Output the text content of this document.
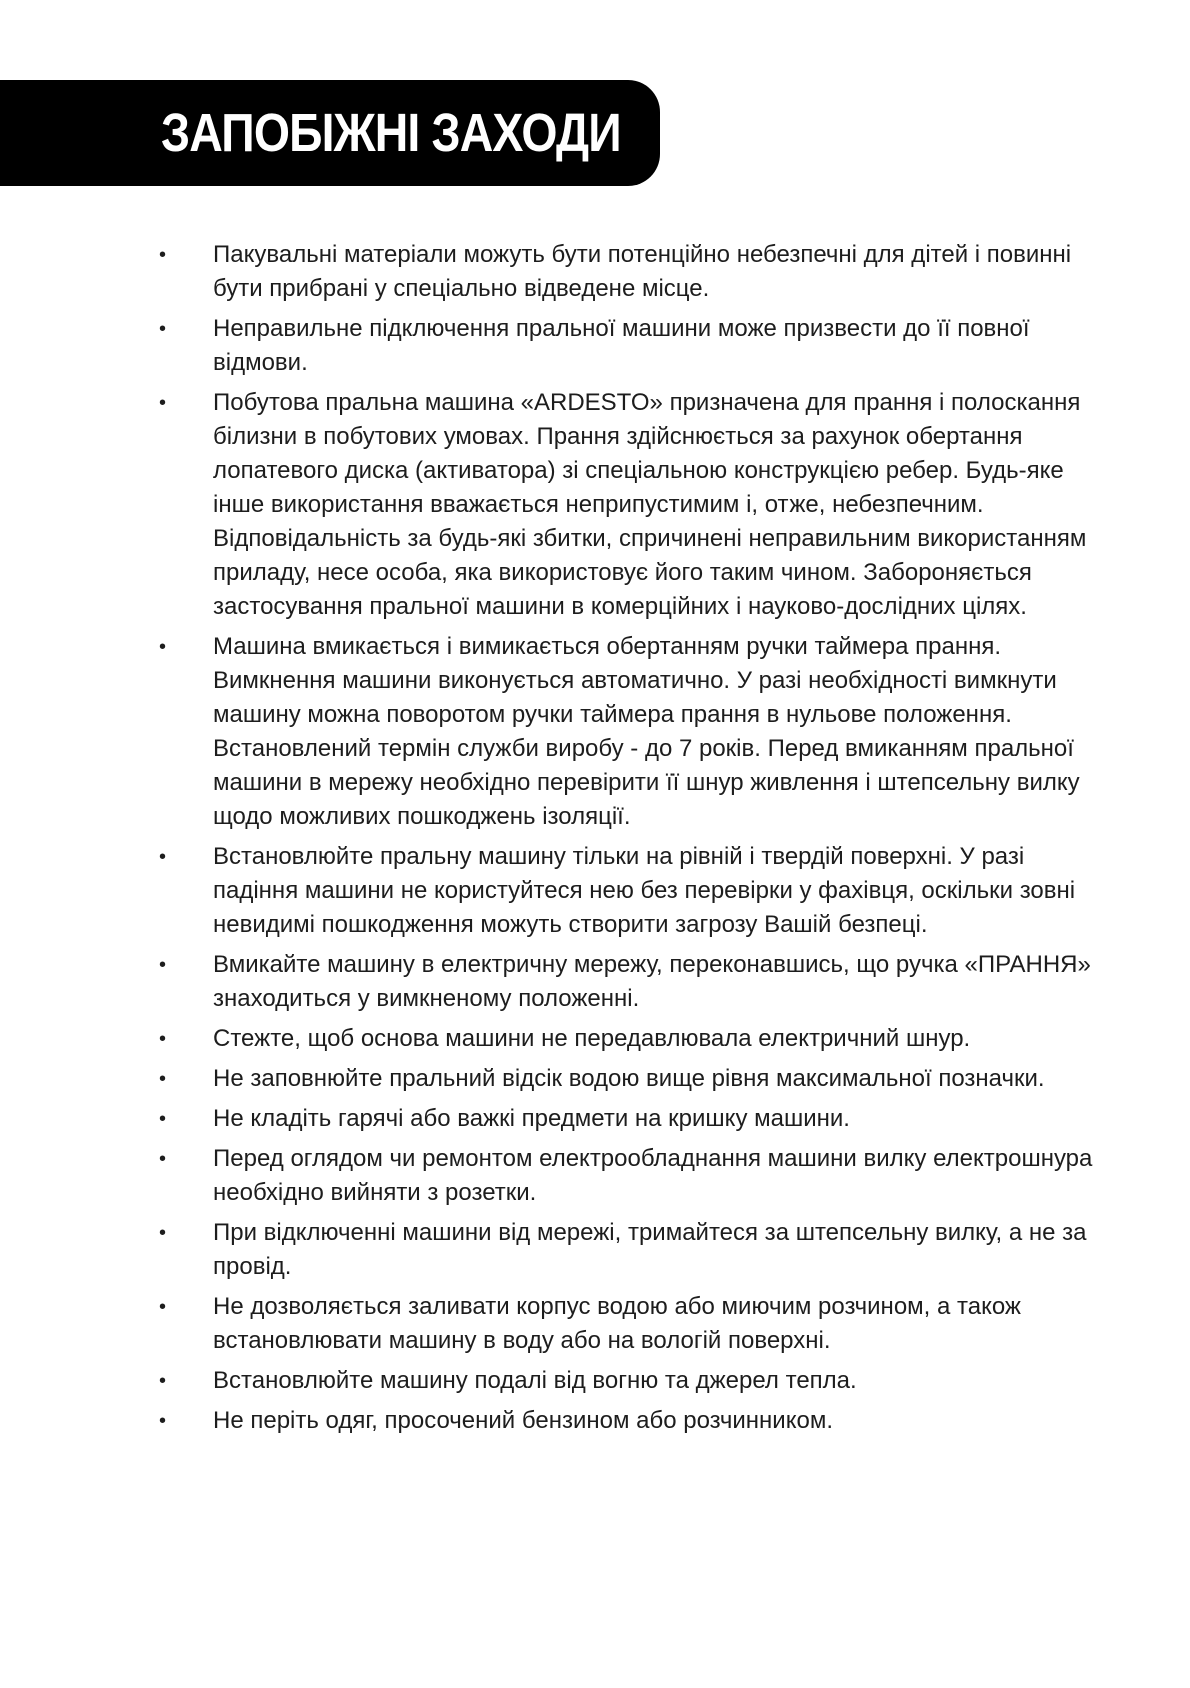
ЗАПОБІЖНІ ЗАХОДИ
• Пакувальні матеріали можуть бути потенційно небезпечні для дітей і повинні бути прибрані у спеціально відведене місце.
• Неправильне підключення пральної машини може призвести до її повної відмови.
• Побутова пральна машина «ARDESTO» призначена для прання і полоскання білизни в побутових умовах. Прання здійснюється за рахунок обертання лопатевого диска (активатора) зі спеціальною конструкцією ребер. Будь-яке інше використання вважається неприпустимим і, отже, небезпечним. Відповідальність за будь-які збитки, спричинені неправильним використанням приладу, несе особа, яка використовує його таким чином. Забороняється застосування пральної машини в комерційних і науково-дослідних цілях.
• Машина вмикається і вимикається обертанням ручки таймера прання. Вимкнення машини виконується автоматично. У разі необхідності вимкнути машину можна поворотом ручки таймера прання в нульове положення. Встановлений термін служби виробу - до 7 років. Перед вмиканням пральної машини в мережу необхідно перевірити її шнур живлення і штепсельну вилку щодо можливих пошкоджень ізоляції.
• Встановлюйте пральну машину тільки на рівній і твердій поверхні. У разі падіння машини не користуйтеся нею без перевірки у фахівця, оскільки зовні невидимі пошкодження можуть створити загрозу Вашій безпеці.
• Вмикайте машину в електричну мережу, переконавшись, що ручка «ПРАННЯ» знаходиться у вимкненому положенні.
• Стежте, щоб основа машини не передавлювала електричний шнур.
• Не заповнюйте пральний відсік водою вище рівня максимальної позначки.
• Не кладіть гарячі або важкі предмети на кришку машини.
• Перед оглядом чи ремонтом електрообладнання машини вилку електрошнура необхідно вийняти з розетки.
• При відключенні машини від мережі, тримайтеся за штепсельну вилку, а не за провід.
• Не дозволяється заливати корпус водою або миючим розчином, а також встановлювати машину в воду або на вологій поверхні.
• Встановлюйте машину подалі від вогню та джерел тепла.
• Не періть одяг, просочений бензином або розчинником.
